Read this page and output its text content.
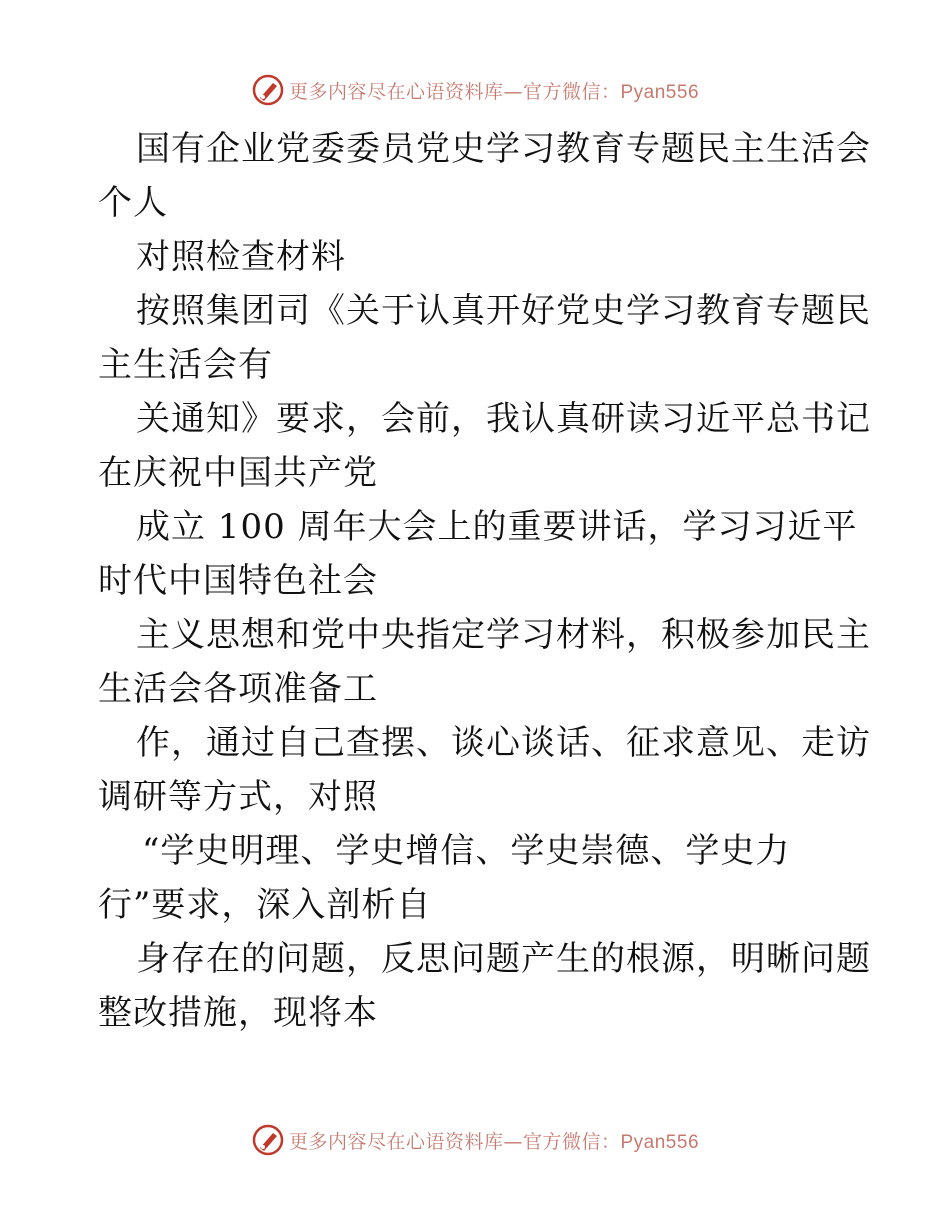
更多内容尽在心语资料库—官方微信：Pyan556
国有企业党委委员党史学习教育专题民主生活会
个人
对照检查材料
按照集团司《关于认真开好党史学习教育专题民
主生活会有
关通知》要求，会前，我认真研读习近平总书记
在庆祝中国共产党
成立 100 周年大会上的重要讲话，学习习近平
时代中国特色社会
主义思想和党中央指定学习材料，积极参加民主
生活会各项准备工
作，通过自己查摆、谈心谈话、征求意见、走访
调研等方式，对照
“学史明理、学史增信、学史崇德、学史力
行”要求，深入剖析自
身存在的问题，反思问题产生的根源，明晰问题
整改措施，现将本
更多内容尽在心语资料库—官方微信：Pyan556
